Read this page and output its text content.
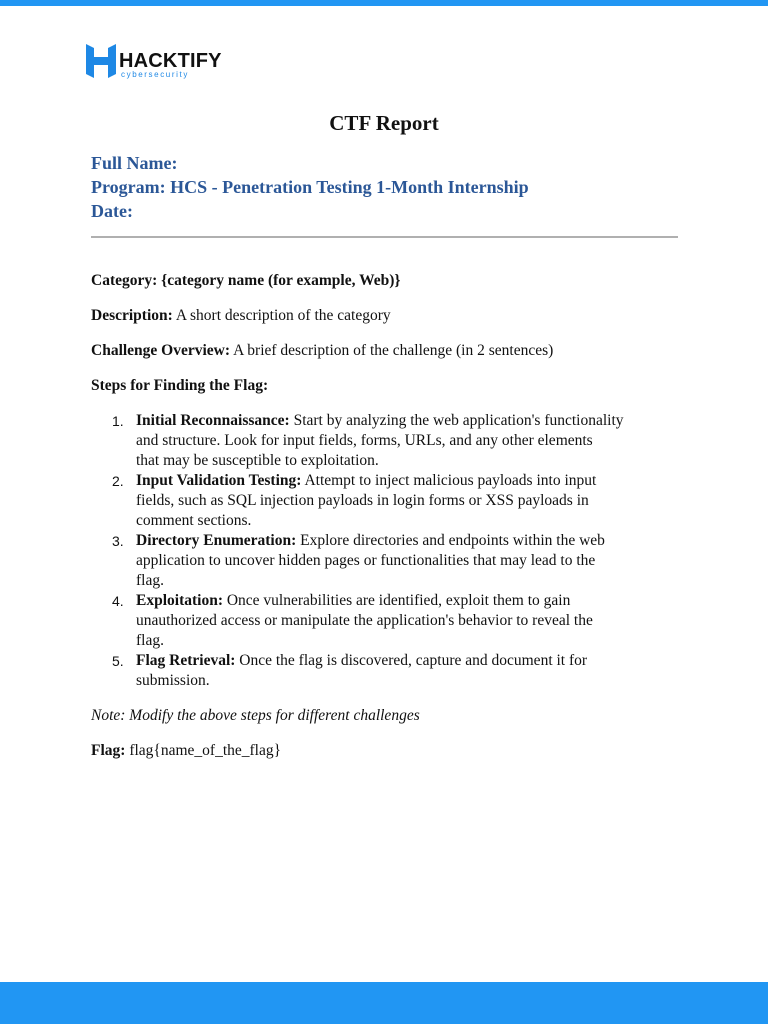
HACKTIFY
cybersecurity
CTF Report
Full Name:
Program: HCS - Penetration Testing 1-Month Internship
Date:
Category: {category name (for example, Web)}
Description: A short description of the category
Challenge Overview: A brief description of the challenge (in 2 sentences)
Steps for Finding the Flag:
1. Initial Reconnaissance: Start by analyzing the web application's functionality
and structure. Look for input fields, forms, URLs, and any other elements
that may be susceptible to exploitation.
2. Input Validation Testing: Attempt to inject malicious payloads into input
fields, such as SQL injection payloads in login forms or XSS payloads in
comment sections.
3. Directory Enumeration: Explore directories and endpoints within the web
application to uncover hidden pages or functionalities that may lead to the
flag.
4. Exploitation: Once vulnerabilities are identified, exploit them to gain
unauthorized access or manipulate the application's behavior to reveal the
flag.
5. Flag Retrieval: Once the flag is discovered, capture and document it for
submission.
Note: Modify the above steps for different challenges
Flag: flag{name_of_the_flag}
